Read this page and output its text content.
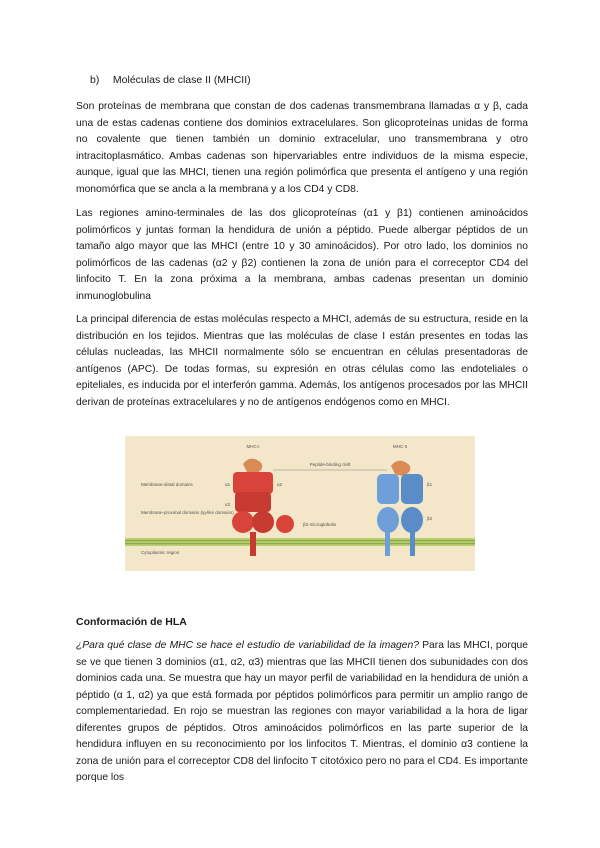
b) Moléculas de clase II (MHCII)

Son proteínas de membrana que constan de dos cadenas transmembrana llamadas α y β, cada una de estas cadenas contiene dos dominios extracelulares. Son glicoproteínas unidas de forma no covalente que tienen también un dominio extracelular, uno transmembrana y otro intracitoplasmático. Ambas cadenas son hipervariables entre individuos de la misma especie, aunque, igual que las MHCI, tienen una región polimórfica que presenta el antígeno y una región monomórfica que se ancla a la membrana y a los CD4 y CD8.

Las regiones amino-terminales de las dos glicoproteínas (α1 y β1) contienen aminoácidos polimórficos y juntas forman la hendidura de unión a péptido. Puede albergar péptidos de un tamaño algo mayor que las MHCI (entre 10 y 30 aminoácidos). Por otro lado, los dominios no polimórficos de las cadenas (α2 y β2) contienen la zona de unión para el correceptor CD4 del linfocito T. En la zona próxima a la membrana, ambas cadenas presentan un dominio inmunoglobulina

La principal diferencia de estas moléculas respecto a MHCI, además de su estructura, reside en la distribución en los tejidos. Mientras que las moléculas de clase I están presentes en todas las células nucleadas, las MHCII normalmente sólo se encuentran en células presentadoras de antígenos (APC). De todas formas, su expresión en otras células como las endoteliales o epiteliales, es inducida por el interferón gamma. Además, los antígenos procesados por las MHCII derivan de proteínas extracelulares y no de antígenos endógenos como en MHCI.

MHC-I	MHC-II
Peptide-binding cleft
Membrane-distal domains
Membrane-proximal domains (Ig-like domains)
β2-microglobulin
Cytoplasmic region
α1	α2
α3
β1
β2
Conformación de HLA

¿Para qué clase de MHC se hace el estudio de variabilidad de la imagen? Para las MHCI, porque se ve que tienen 3 dominios (α1, α2, α3) mientras que las MHCII tienen dos subunidades con dos dominios cada una. Se muestra que hay un mayor perfil de variabilidad en la hendidura de unión a péptido (α 1, α2) ya que está formada por péptidos polimórficos para permitir un amplio rango de complementariedad. En rojo se muestran las regiones con mayor variabilidad a la hora de ligar diferentes grupos de péptidos. Otros aminoácidos polimórficos en las parte superior de la hendidura influyen en su reconocimiento por los linfocitos T. Mientras, el dominio α3 contiene la zona de unión para el correceptor CD8 del linfocito T citotóxico pero no para el CD4. Es importante porque los
